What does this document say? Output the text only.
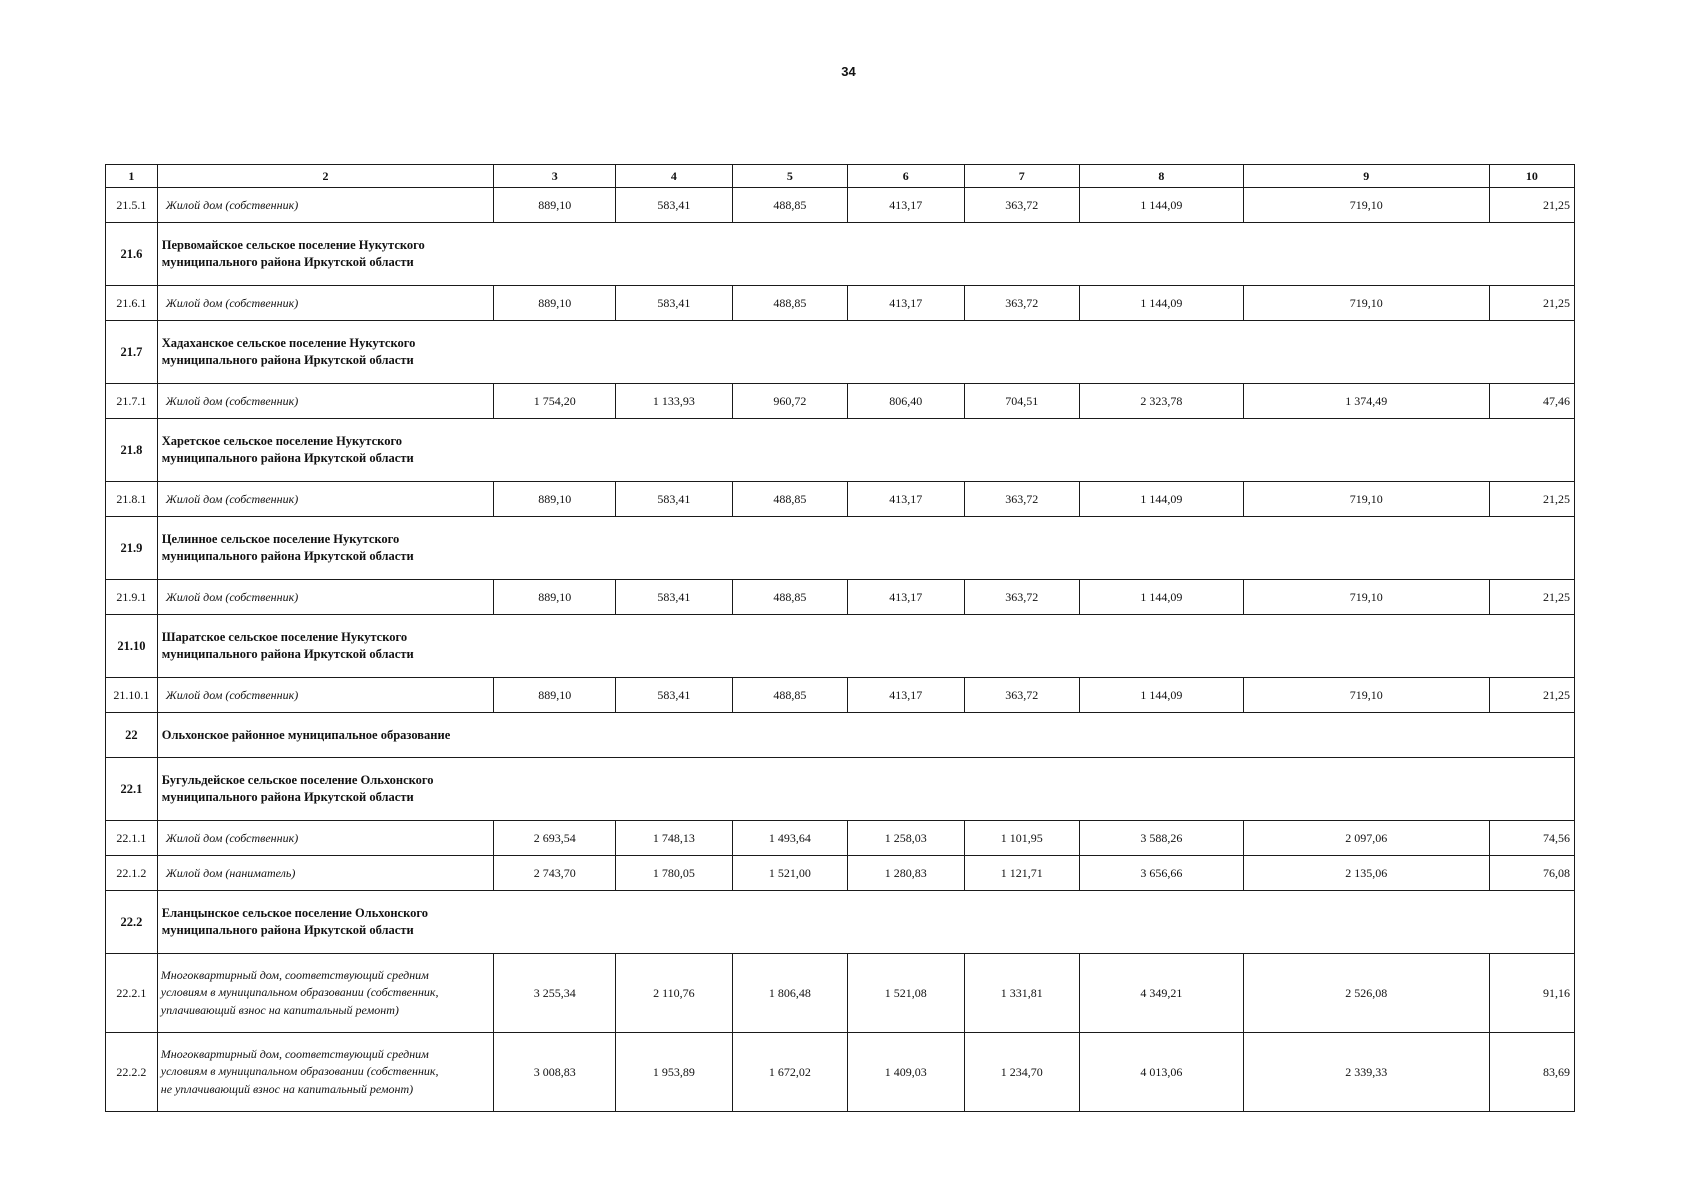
34
1	2	3	4	5	6	7	8	9	10
21.5.1	Жилой дом (собственник)	889,10	583,41	488,85	413,17	363,72	1 144,09	719,10	21,25
21.6	Первомайское сельское поселение Нукутского
муниципального района Иркутской области								

21.6.1	Жилой дом (собственник)	889,10	583,41	488,85	413,17	363,72	1 144,09	719,10	21,25
21.7	Хадаханское сельское поселение Нукутского
муниципального района Иркутской области								

21.7.1	Жилой дом (собственник)	1 754,20	1 133,93	960,72	806,40	704,51	2 323,78	1 374,49	47,46
21.8	Харетское сельское поселение Нукутского
муниципального района Иркутской области								

21.8.1	Жилой дом (собственник)	889,10	583,41	488,85	413,17	363,72	1 144,09	719,10	21,25
21.9	Целинное сельское поселение Нукутского
муниципального района Иркутской области								

21.9.1	Жилой дом (собственник)	889,10	583,41	488,85	413,17	363,72	1 144,09	719,10	21,25
21.10	Шаратское сельское поселение Нукутского
муниципального района Иркутской области								

21.10.1	Жилой дом (собственник)	889,10	583,41	488,85	413,17	363,72	1 144,09	719,10	21,25
22	Ольхонское районное муниципальное образование								

22.1	Бугульдейское сельское поселение Ольхонского
муниципального района Иркутской области								

22.1.1	Жилой дом (собственник)	2 693,54	1 748,13	1 493,64	1 258,03	1 101,95	3 588,26	2 097,06	74,56
22.1.2	Жилой дом (наниматель)	2 743,70	1 780,05	1 521,00	1 280,83	1 121,71	3 656,66	2 135,06	76,08
22.2	Еланцынское сельское поселение Ольхонского
муниципального района Иркутской области								

22.2.1	Многоквартирный дом, соответствующий средним
условиям в муниципальном образовании (собственник,
уплачивающий взнос на капитальный ремонт)	3 255,34	2 110,76	1 806,48	1 521,08	1 331,81	4 349,21	2 526,08	91,16
22.2.2	Многоквартирный дом, соответствующий средним
условиям в муниципальном образовании (собственник,
не уплачивающий взнос на капитальный ремонт)	3 008,83	1 953,89	1 672,02	1 409,03	1 234,70	4 013,06	2 339,33	83,69
